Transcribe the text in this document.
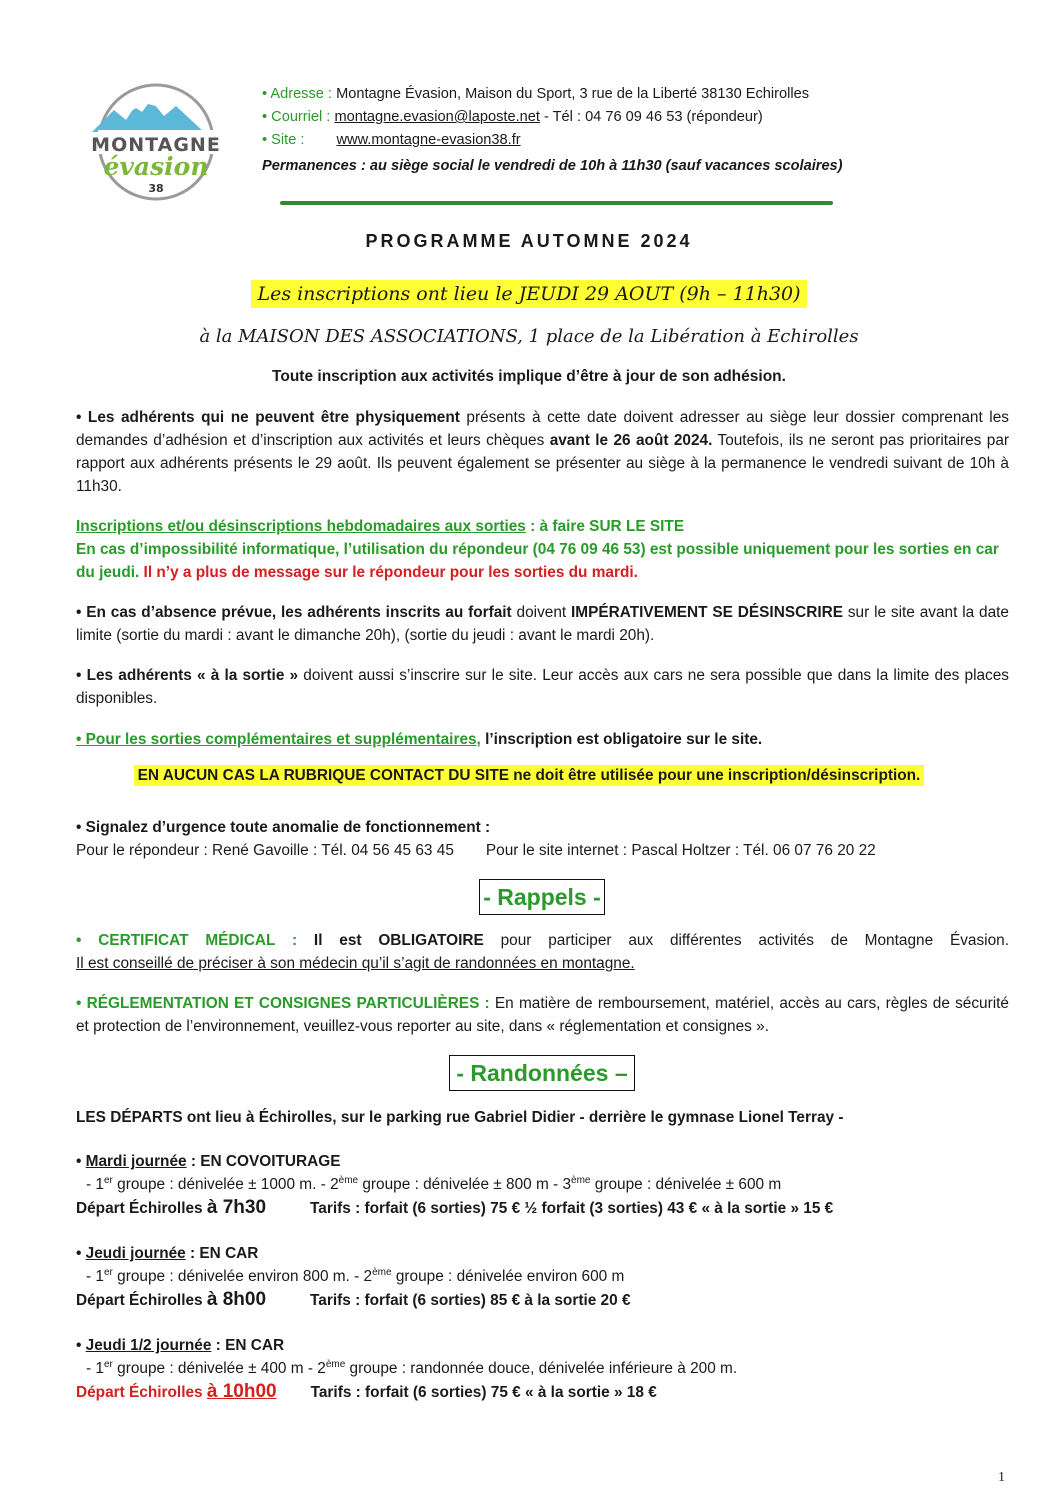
MONTAGNE
évasion
38
• Adresse : Montagne Évasion, Maison du Sport, 3 rue de la Liberté 38130 Echirolles
• Courriel : montagne.evasion@laposte.net - Tél : 04 76 09 46 53 (répondeur)
• Site : www.montagne-evasion38.fr
Permanences : au siège social le vendredi de 10h à 11h30 (sauf vacances scolaires)
PROGRAMME AUTOMNE 2024
Les inscriptions ont lieu le JEUDI 29 AOUT (9h – 11h30)
à la MAISON DES ASSOCIATIONS, 1 place de la Libération à Echirolles
Toute inscription aux activités implique d’être à jour de son adhésion.
• Les adhérents qui ne peuvent être physiquement présents à cette date doivent adresser au siège leur dossier comprenant les demandes d’adhésion et d’inscription aux activités et leurs chèques avant le 26 août 2024. Toutefois, ils ne seront pas prioritaires par rapport aux adhérents présents le 29 août. Ils peuvent également se présenter au siège à la permanence le vendredi suivant de 10h à 11h30.
Inscriptions et/ou désinscriptions hebdomadaires aux sorties : à faire SUR LE SITE
En cas d’impossibilité informatique, l’utilisation du répondeur (04 76 09 46 53) est possible uniquement pour les sorties en car du jeudi. Il n’y a plus de message sur le répondeur pour les sorties du mardi.
• En cas d’absence prévue, les adhérents inscrits au forfait doivent IMPÉRATIVEMENT SE DÉSINSCRIRE sur le site avant la date limite (sortie du mardi : avant le dimanche 20h), (sortie du jeudi : avant le mardi 20h).
• Les adhérents « à la sortie » doivent aussi s’inscrire sur le site. Leur accès aux cars ne sera possible que dans la limite des places disponibles.
• Pour les sorties complémentaires et supplémentaires, l’inscription est obligatoire sur le site.
EN AUCUN CAS LA RUBRIQUE CONTACT DU SITE ne doit être utilisée pour une inscription/désinscription.
• Signalez d’urgence toute anomalie de fonctionnement :
Pour le répondeur : René Gavoille : Tél. 04 56 45 63 45 Pour le site internet : Pascal Holtzer : Tél. 06 07 76 20 22
- Rappels -
• CERTIFICAT MÉDICAL : Il est OBLIGATOIRE pour participer aux différentes activités de Montagne Évasion.
Il est conseillé de préciser à son médecin qu’il s’agit de randonnées en montagne.
• RÉGLEMENTATION ET CONSIGNES PARTICULIÈRES : En matière de remboursement, matériel, accès au cars, règles de sécurité et protection de l’environnement, veuillez-vous reporter au site, dans « réglementation et consignes ».
- Randonnées –
LES DÉPARTS ont lieu à Échirolles, sur le parking rue Gabriel Didier - derrière le gymnase Lionel Terray -
• Mardi journée : EN COVOITURAGE
- 1er groupe : dénivelée ± 1000 m. - 2ème groupe : dénivelée ± 800 m - 3ème groupe : dénivelée ± 600 m
Départ Échirolles à 7h30	Tarifs : forfait (6 sorties) 75 € ½ forfait (3 sorties) 43 € « à la sortie » 15 €
• Jeudi journée : EN CAR
- 1er groupe : dénivelée environ 800 m. - 2ème groupe : dénivelée environ 600 m
Départ Échirolles à 8h00	Tarifs : forfait (6 sorties) 85 € à la sortie 20 €
• Jeudi 1/2 journée : EN CAR
- 1er groupe : dénivelée ± 400 m - 2ème groupe : randonnée douce, dénivelée inférieure à 200 m.
Départ Échirolles à 10h00 Tarifs : forfait (6 sorties) 75 € « à la sortie » 18 €
1
